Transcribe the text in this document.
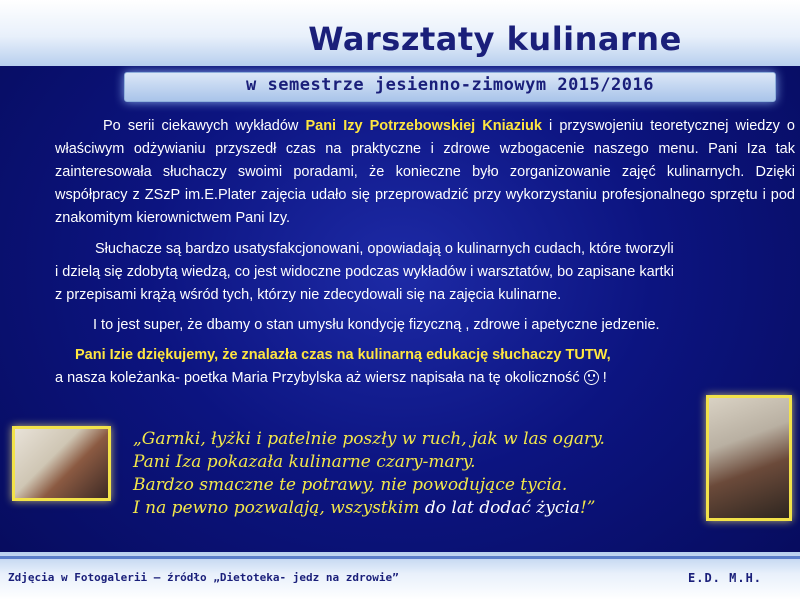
Warsztaty kulinarne
w semestrze jesienno-zimowym 2015/2016

Po serii ciekawych wykładów Pani Izy Potrzebowskiej Kniaziuk i przyswojeniu teoretycznej wiedzy o właściwym odżywianiu przyszedł czas na praktyczne i zdrowe wzbogacenie naszego menu. Pani Iza tak zainteresowała słuchaczy swoimi poradami, że konieczne było zorganizowanie zajęć kulinarnych. Dzięki współpracy z ZSzP im.E.Plater zajęcia udało się przeprowadzić przy wykorzystaniu profesjonalnego sprzętu i pod znakomitym kierownictwem Pani Izy.

Słuchacze są bardzo usatysfakcjonowani, opowiadają o kulinarnych cudach, które tworzyli
i dzielą się zdobytą wiedzą, co jest widoczne podczas wykładów i warsztatów, bo zapisane kartki
z przepisami krążą wśród tych, którzy nie zdecydowali się na zajęcia kulinarne.

I to jest super, że dbamy o stan umysłu kondycję fizyczną , zdrowe i apetyczne jedzenie.

Pani Izie dziękujemy, że znalazła czas na kulinarną edukację słuchaczy TUTW,
a nasza koleżanka- poetka Maria Przybylska aż wiersz napisała na tę okoliczność
!

„Garnki, łyżki i patelnie poszły w ruch, jak w las ogary.
Pani Iza pokazała kulinarne czary-mary.
Bardzo smaczne te potrawy, nie powodujące tycia.
I na pewno pozwalają, wszystkim do lat dodać życia!”
Zdjęcia w Fotogalerii – źródło „Dietoteka- jedz na zdrowie”	E.D. M.H.
